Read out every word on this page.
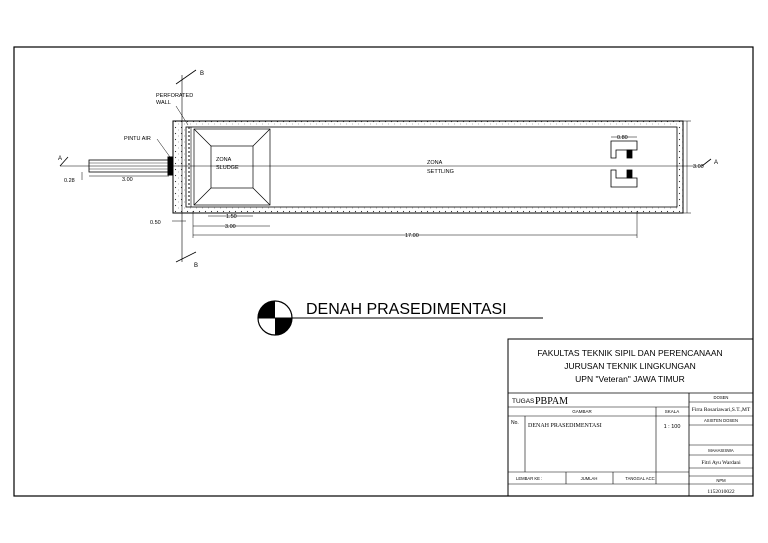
B
B
A
A
PERFORATED
WALL
PINTU AIR
ZONA
SLUDGE
ZONA
SETTLING
0.80
3.00
0.28	3.00
0.50
1.50
3.00
17.00
DENAH PRASEDIMENTASI
FAKULTAS TEKNIK SIPIL DAN PERENCANAAN
JURUSAN TEKNIK LINGKUNGAN
UPN "Veteran" JAWA TIMUR
TUGAS :
PBPAM
GAMBAR	SKALA
No. DENAH PRASEDIMENTASI	1 : 100
DOSEN
Firra Rosariawari,S.T.,MT
ASISTEN DOSEN
MAHASISWA
Fitri Ayu Wardani
NPM
1152010022
LEMBAR KE :	JUMLAH	TANGGAL ACC
